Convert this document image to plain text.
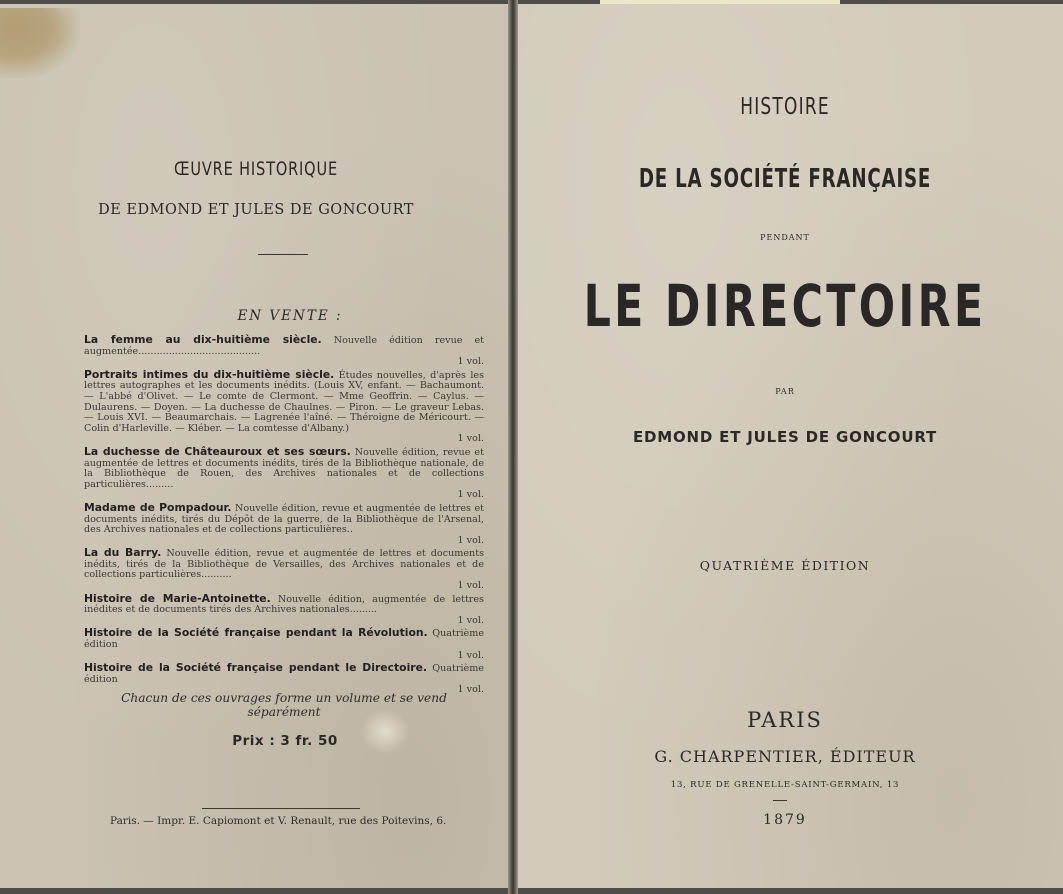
ŒUVRE HISTORIQUE
DE EDMOND ET JULES DE GONCOURT
EN VENTE :
La femme au dix-huitième siècle. Nouvelle édition revue et augmentée........................................
1 vol.
Portraits intimes du dix-huitième siècle. Études nouvelles, d'après les lettres autographes et les documents inédits. (Louis XV, enfant. — Bachaumont. — L'abbé d'Olivet. — Le comte de Clermont. — Mme Geoffrin. — Caylus. — Dulaurens. — Doyen. — La duchesse de Chaulnes. — Piron. — Le graveur Lebas. — Louis XVI. — Beaumarchais. — Lagrenée l'aîné. — Théroigne de Méricourt. — Colin d'Harleville. — Kléber. — La comtesse d'Albany.)
1 vol.
La duchesse de Châteauroux et ses sœurs. Nouvelle édition, revue et augmentée de lettres et documents inédits, tirés de la Bibliothèque nationale, de la Bibliothèque de Rouen, des Archives nationales et de collections particulières.........
1 vol.
Madame de Pompadour. Nouvelle édition, revue et augmentée de lettres et documents inédits, tirés du Dépôt de la guerre, de la Bibliothèque de l'Arsenal, des Archives nationales et de collections particulières..
1 vol.
La du Barry. Nouvelle édition, revue et augmentée de lettres et documents inédits, tirés de la Bibliothèque de Versailles, des Archives nationales et de collections particulières..........
1 vol.
Histoire de Marie-Antoinette. Nouvelle édition, augmentée de lettres inédites et de documents tirés des Archives nationales.........
1 vol.
Histoire de la Société française pendant la Révolution. Quatrième édition
1 vol.
Histoire de la Société française pendant le Directoire. Quatrième édition
1 vol.
Chacun de ces ouvrages forme un volume et se vend séparément
Prix : 3 fr. 50
Paris. — Impr. E. Capiomont et V. Renault, rue des Poitevins, 6.
HISTOIRE
DE LA SOCIÉTÉ FRANÇAISE
PENDANT
LE DIRECTOIRE
PAR
EDMOND ET JULES DE GONCOURT
QUATRIÈME ÉDITION
PARIS
G. CHARPENTIER, ÉDITEUR
13, RUE DE GRENELLE-SAINT-GERMAIN, 13
1879
